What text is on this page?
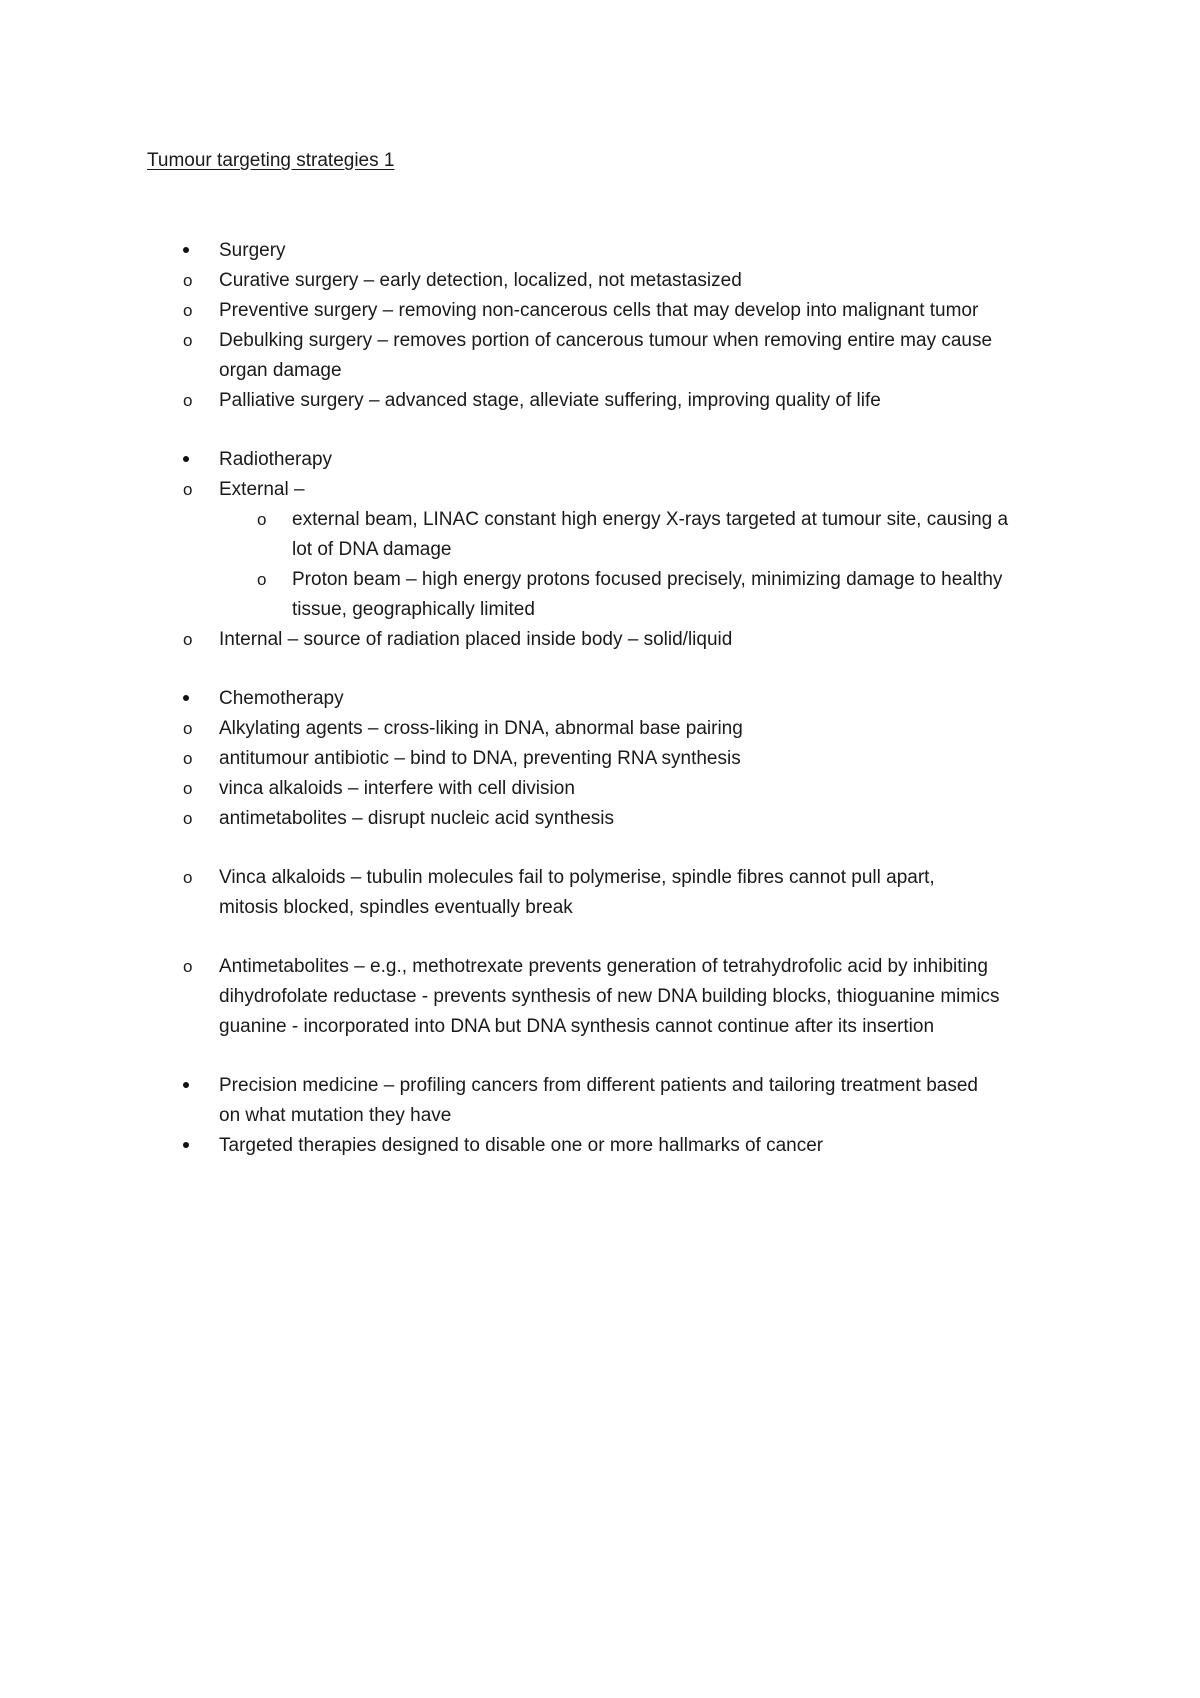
Tumour targeting strategies 1
Surgery
o Curative surgery – early detection, localized, not metastasized
o Preventive surgery – removing non-cancerous cells that may develop into malignant tumor
o Debulking surgery – removes portion of cancerous tumour when removing entire may cause
organ damage
o Palliative surgery – advanced stage, alleviate suffering, improving quality of life
Radiotherapy
o External –
o external beam, LINAC constant high energy X-rays targeted at tumour site, causing a
lot of DNA damage
o Proton beam – high energy protons focused precisely, minimizing damage to healthy
tissue, geographically limited
o Internal – source of radiation placed inside body – solid/liquid
Chemotherapy
o Alkylating agents – cross-liking in DNA, abnormal base pairing
o antitumour antibiotic – bind to DNA, preventing RNA synthesis
o vinca alkaloids – interfere with cell division
o antimetabolites – disrupt nucleic acid synthesis
o Vinca alkaloids – tubulin molecules fail to polymerise, spindle fibres cannot pull apart,
mitosis blocked, spindles eventually break
o Antimetabolites – e.g., methotrexate prevents generation of tetrahydrofolic acid by inhibiting
dihydrofolate reductase - prevents synthesis of new DNA building blocks, thioguanine mimics
guanine - incorporated into DNA but DNA synthesis cannot continue after its insertion
Precision medicine – profiling cancers from different patients and tailoring treatment based
on what mutation they have
Targeted therapies designed to disable one or more hallmarks of cancer
